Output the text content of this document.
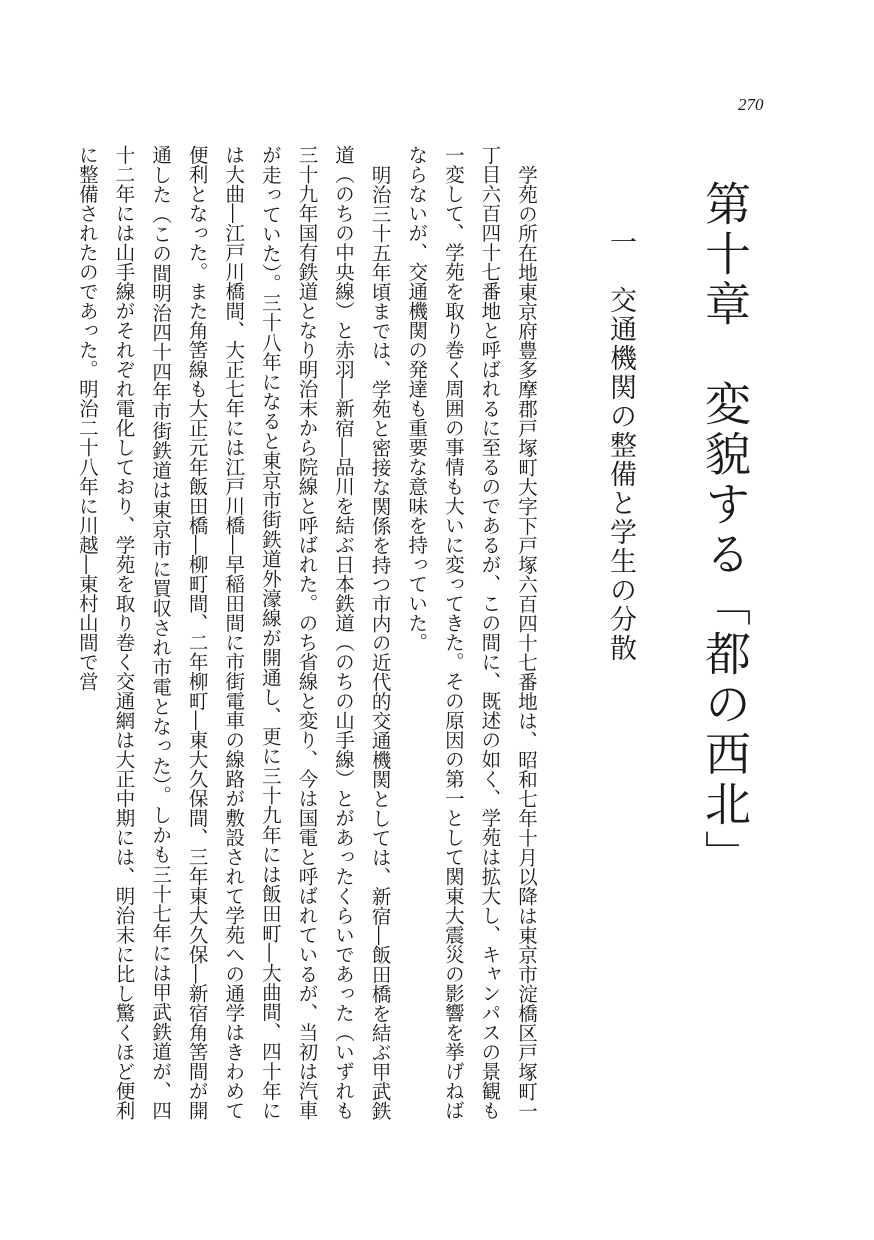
270
第十章　変貌する「都の西北」
一　交通機関の整備と学生の分散

学苑の所在地東京府豊多摩郡戸塚町大字下戸塚六百四十七番地は、昭和七年十月以降は東京市淀橋区戸塚町一丁目六百四十七番地と呼ばれるに至るのであるが、この間に、既述の如く、学苑は拡大し、キャンパスの景観も一変して、学苑を取り巻く周囲の事情も大いに変ってきた。その原因の第一として関東大震災の影響を挙げねばならないが、交通機関の発達も重要な意味を持っていた。

明治三十五年頃までは、学苑と密接な関係を持つ市内の近代的交通機関としては、新宿―飯田橋を結ぶ甲武鉄道（のちの中央線）と赤羽―新宿―品川を結ぶ日本鉄道（のちの山手線）とがあったくらいであった（いずれも三十九年国有鉄道となり明治末から院線と呼ばれた。のち省線と変り、今は国電と呼ばれているが、当初は汽車が走っていた）。三十八年になると東京市街鉄道外濠線が開通し、更に三十九年には飯田町―大曲間、四十年には大曲―江戸川橋間、大正七年には江戸川橋―早稲田間に市街電車の線路が敷設されて学苑への通学はきわめて便利となった。また角筈線も大正元年飯田橋―柳町間、二年柳町―東大久保間、三年東大久保―新宿角筈間が開通した（この間明治四十四年市街鉄道は東京市に買収され市電となった）。しかも三十七年には甲武鉄道が、四十二年には山手線がそれぞれ電化しており、学苑を取り巻く交通網は大正中期には、明治末に比し驚くほど便利に整備されたのであった。明治二十八年に川越―東村山間で営
